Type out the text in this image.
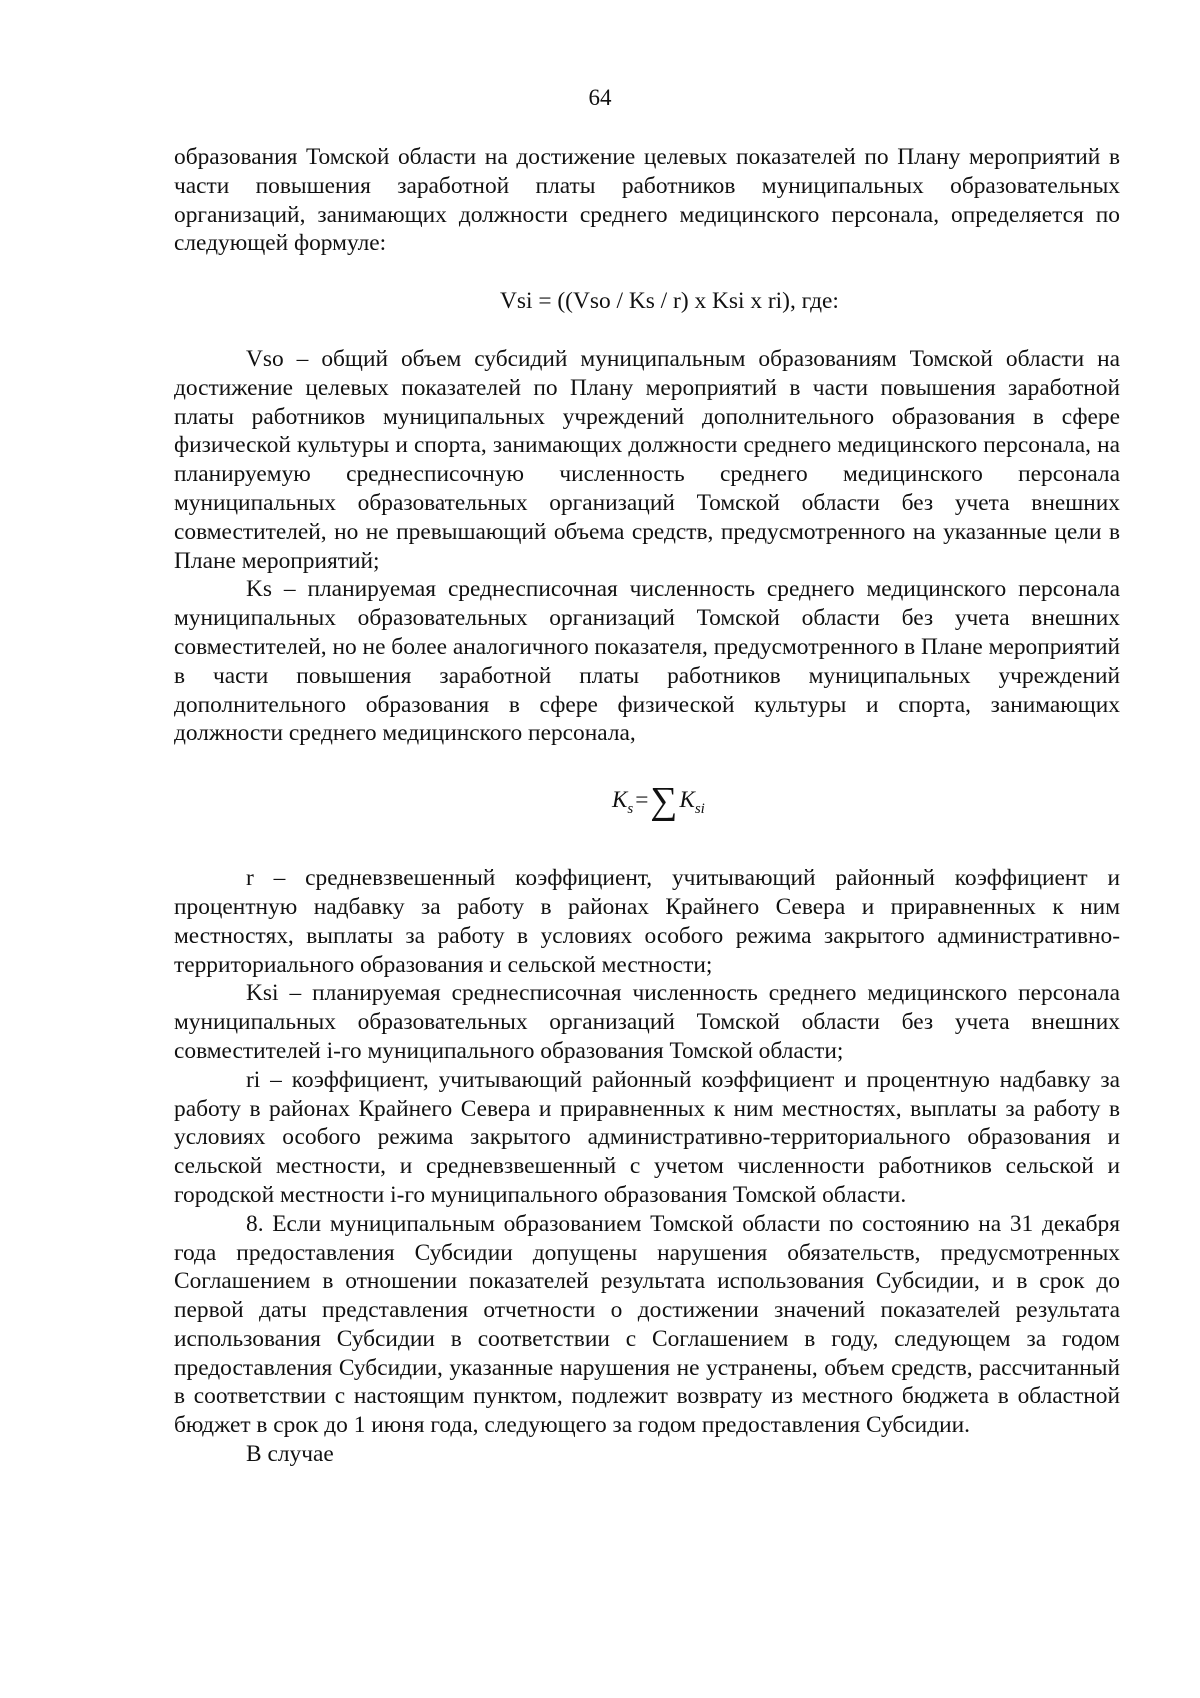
64

образования Томской области на достижение целевых показателей по Плану мероприятий в части повышения заработной платы работников муниципальных образовательных организаций, занимающих должности среднего медицинского персонала, определяется по следующей формуле:

Vsi = ((Vso / Ks / r) x Ksi x ri), где:

Vso – общий объем субсидий муниципальным образованиям Томской области на достижение целевых показателей по Плану мероприятий в части повышения заработной платы работников муниципальных учреждений дополнительного образования в сфере физической культуры и спорта, занимающих должности среднего медицинского персонала, на планируемую среднесписочную численность среднего медицинского персонала муниципальных образовательных организаций Томской области без учета внешних совместителей, но не превышающий объема средств, предусмотренного на указанные цели в Плане мероприятий;

Ks – планируемая среднесписочная численность среднего медицинского персонала муниципальных образовательных организаций Томской области без учета внешних совместителей, но не более аналогичного показателя, предусмотренного в Плане мероприятий в части повышения заработной платы работников муниципальных учреждений дополнительного образования в сфере физической культуры и спорта, занимающих должности среднего медицинского персонала,

$K_s=\sum K_{si}$

r – средневзвешенный коэффициент, учитывающий районный коэффициент и процентную надбавку за работу в районах Крайнего Севера и приравненных к ним местностях, выплаты за работу в условиях особого режима закрытого административно-территориального образования и сельской местности;

Ksi – планируемая среднесписочная численность среднего медицинского персонала муниципальных образовательных организаций Томской области без учета внешних совместителей i-го муниципального образования Томской области;

ri – коэффициент, учитывающий районный коэффициент и процентную надбавку за работу в районах Крайнего Севера и приравненных к ним местностях, выплаты за работу в условиях особого режима закрытого административно-территориального образования и сельской местности, и средневзвешенный с учетом численности работников сельской и городской местности i-го муниципального образования Томской области.

8. Если муниципальным образованием Томской области по состоянию на 31 декабря года предоставления Субсидии допущены нарушения обязательств, предусмотренных Соглашением в отношении показателей результата использования Субсидии, и в срок до первой даты представления отчетности о достижении значений показателей результата использования Субсидии в соответствии с Соглашением в году, следующем за годом предоставления Субсидии, указанные нарушения не устранены, объем средств, рассчитанный в соответствии с настоящим пунктом, подлежит возврату из местного бюджета в областной бюджет в срок до 1 июня года, следующего за годом предоставления Субсидии.

В случае
